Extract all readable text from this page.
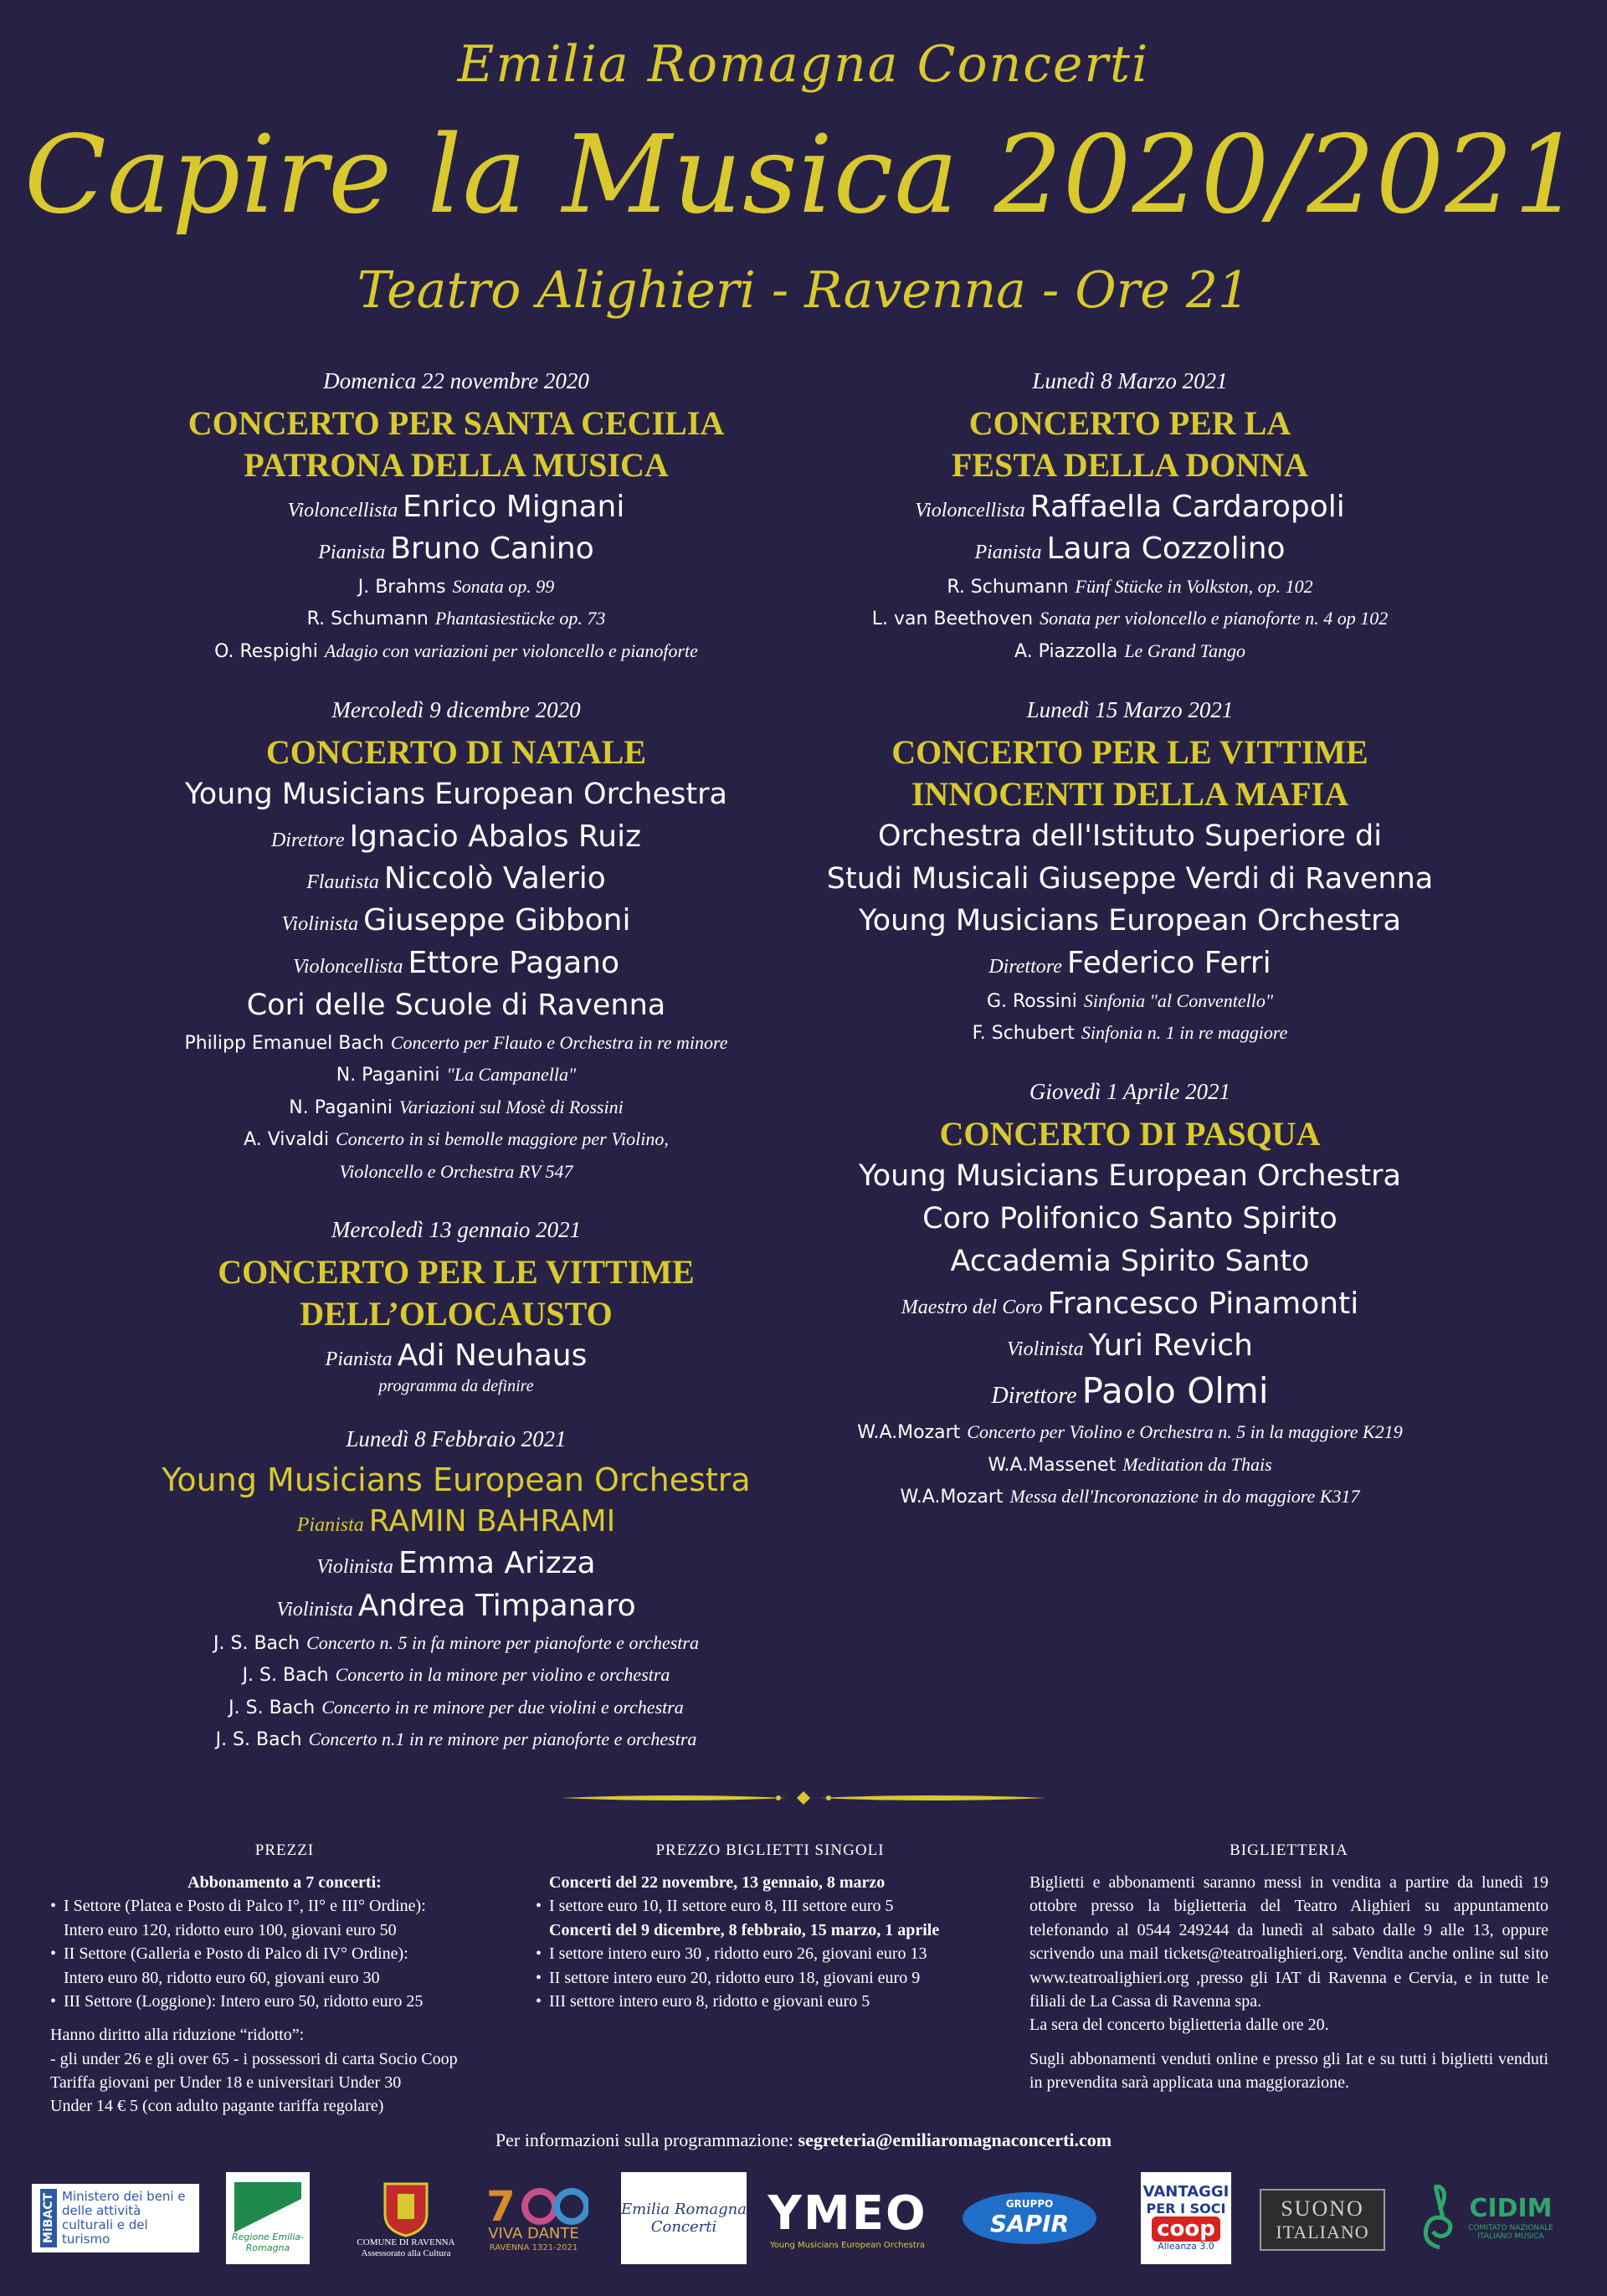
Emilia Romagna Concerti
Capire la Musica 2020/2021
Teatro Alighieri - Ravenna - Ore 21
Domenica 22 novembre 2020
CONCERTO PER SANTA CECILIA
PATRONA DELLA MUSICA
Violoncellista Enrico Mignani
Pianista Bruno Canino
J. Brahms Sonata op. 99
R. Schumann Phantasiestücke op. 73
O. Respighi Adagio con variazioni per violoncello e pianoforte
Mercoledì 9 dicembre 2020
CONCERTO DI NATALE
Young Musicians European Orchestra
Direttore Ignacio Abalos Ruiz
Flautista Niccolò Valerio
Violinista Giuseppe Gibboni
Violoncellista Ettore Pagano
Cori delle Scuole di Ravenna
Philipp Emanuel Bach Concerto per Flauto e Orchestra in re minore
N. Paganini "La Campanella"
N. Paganini Variazioni sul Mosè di Rossini
A. Vivaldi Concerto in si bemolle maggiore per Violino,
Violoncello e Orchestra RV 547
Mercoledì 13 gennaio 2021
CONCERTO PER LE VITTIME
DELL’OLOCAUSTO
Pianista Adi Neuhaus
programma da definire
Lunedì 8 Febbraio 2021
Young Musicians European Orchestra
Pianista RAMIN BAHRAMI
Violinista Emma Arizza
Violinista Andrea Timpanaro
J. S. Bach Concerto n. 5 in fa minore per pianoforte e orchestra
J. S. Bach Concerto in la minore per violino e orchestra
J. S. Bach Concerto in re minore per due violini e orchestra
J. S. Bach Concerto n.1 in re minore per pianoforte e orchestra
Lunedì 8 Marzo 2021
CONCERTO PER LA
FESTA DELLA DONNA
Violoncellista Raffaella Cardaropoli
Pianista Laura Cozzolino
R. Schumann Fünf Stücke in Volkston, op. 102
L. van Beethoven Sonata per violoncello e pianoforte n. 4 op 102
A. Piazzolla Le Grand Tango
Lunedì 15 Marzo 2021
CONCERTO PER LE VITTIME
INNOCENTI DELLA MAFIA
Orchestra dell'Istituto Superiore di
Studi Musicali Giuseppe Verdi di Ravenna
Young Musicians European Orchestra
Direttore Federico Ferri
G. Rossini Sinfonia "al Conventello"
F. Schubert Sinfonia n. 1 in re maggiore
Giovedì 1 Aprile 2021
CONCERTO DI PASQUA
Young Musicians European Orchestra
Coro Polifonico Santo Spirito
Accademia Spirito Santo
Maestro del Coro Francesco Pinamonti
Violinista Yuri Revich
Direttore Paolo Olmi
W.A.Mozart Concerto per Violino e Orchestra n. 5 in la maggiore K219
W.A.Massenet Meditation da Thais
W.A.Mozart Messa dell'Incoronazione in do maggiore K317
PREZZI
Abbonamento a 7 concerti:
• I Settore (Platea e Posto di Palco I°, II° e III° Ordine):
Intero euro 120, ridotto euro 100, giovani euro 50
• II Settore (Galleria e Posto di Palco di IV° Ordine):
Intero euro 80, ridotto euro 60, giovani euro 30
• III Settore (Loggione): Intero euro 50, ridotto euro 25
Hanno diritto alla riduzione “ridotto”:
- gli under 26 e gli over 65 - i possessori di carta Socio Coop
Tariffa giovani per Under 18 e universitari Under 30
Under 14 € 5 (con adulto pagante tariffa regolare)
PREZZO BIGLIETTI SINGOLI
Concerti del 22 novembre, 13 gennaio, 8 marzo
• I settore euro 10, II settore euro 8, III settore euro 5
Concerti del 9 dicembre, 8 febbraio, 15 marzo, 1 aprile
• I settore intero euro 30 , ridotto euro 26, giovani euro 13
• II settore intero euro 20, ridotto euro 18, giovani euro 9
• III settore intero euro 8, ridotto e giovani euro 5
BIGLIETTERIA

Biglietti e abbonamenti saranno messi in vendita a partire da lunedì 19 ottobre presso la biglietteria del Teatro Alighieri su appuntamento telefonando al 0544 249244 da lunedì al sabato dalle 9 alle 13, oppure scrivendo una mail tickets@teatroalighieri.org. Vendita anche online sul sito www.teatroalighieri.org ,presso gli IAT di Ravenna e Cervia, e in tutte le filiali de La Cassa di Ravenna spa.

La sera del concerto biglietteria dalle ore 20.

Sugli abbonamenti venduti online e presso gli Iat e su tutti i biglietti venduti in prevendita sarà applicata una maggiorazione.

Per informazioni sulla programmazione: segreteria@emiliaromagnaconcerti.com
MiBACT Ministero dei beni e delle attività culturali e del turismo	Regione Emilia-Romagna	COMUNE DI RAVENNA
Assessorato alla Cultura
7
VIVA DANTE
RAVENNA 1321-2021
Emilia Romagna
Concerti YMEO
Young Musicians European Orchestra
GRUPPO
SAPIR
VANTAGGI
PER I SOCI
coop
Alleanza 3.0
SUONO
ITALIANO
CIDIM
COMITATO NAZIONALE ITALIANO MUSICA
